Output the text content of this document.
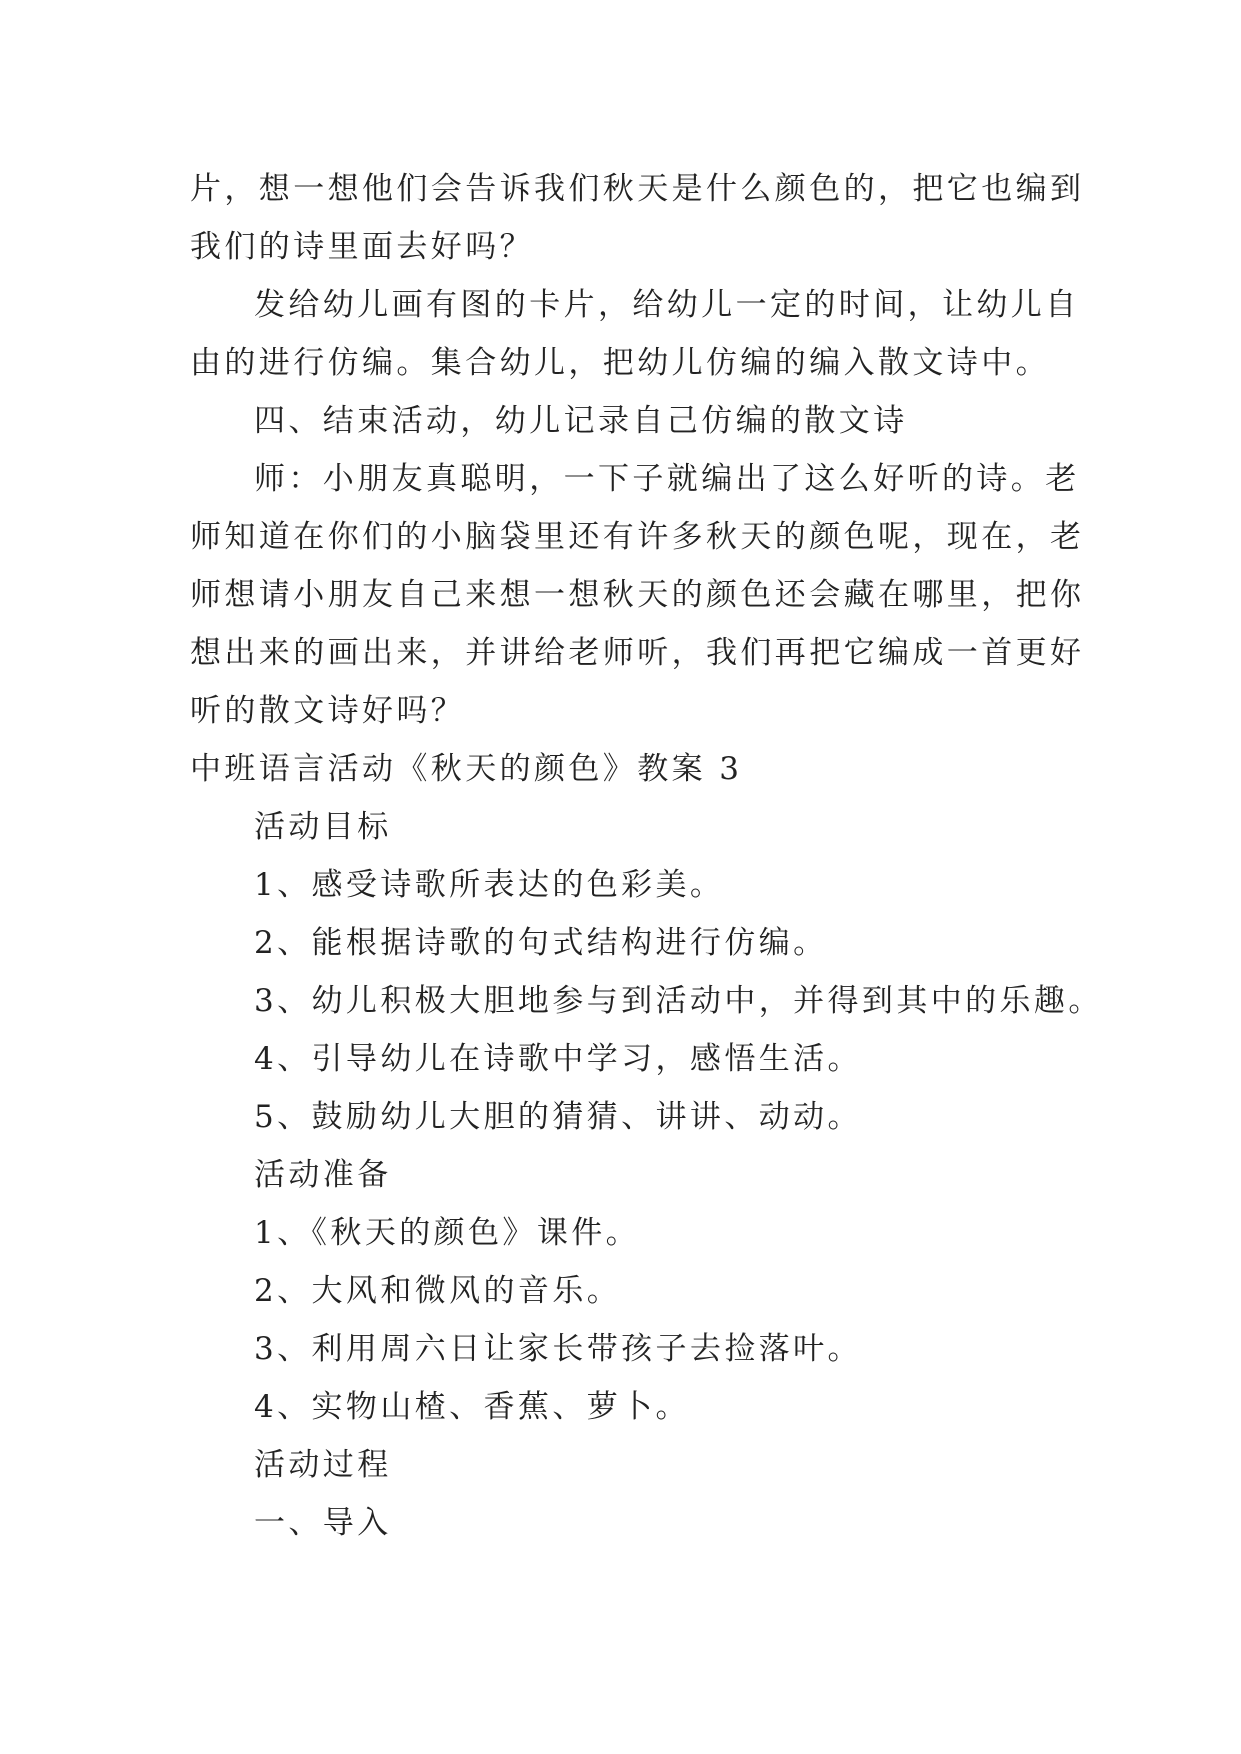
片，想一想他们会告诉我们秋天是什么颜色的，把它也编到
我们的诗里面去好吗？
发给幼儿画有图的卡片，给幼儿一定的时间，让幼儿自
由的进行仿编。集合幼儿，把幼儿仿编的编入散文诗中。
四、结束活动，幼儿记录自己仿编的散文诗
师：小朋友真聪明，一下子就编出了这么好听的诗。老
师知道在你们的小脑袋里还有许多秋天的颜色呢，现在，老
师想请小朋友自己来想一想秋天的颜色还会藏在哪里，把你
想出来的画出来，并讲给老师听，我们再把它编成一首更好
听的散文诗好吗？
中班语言活动《秋天的颜色》教案 3
活动目标
1、感受诗歌所表达的色彩美。
2、能根据诗歌的句式结构进行仿编。
3、幼儿积极大胆地参与到活动中，并得到其中的乐趣。
4、引导幼儿在诗歌中学习，感悟生活。
5、鼓励幼儿大胆的猜猜、讲讲、动动。
活动准备
1、《秋天的颜色》课件。
2、大风和微风的音乐。
3、利用周六日让家长带孩子去捡落叶。
4、实物山楂、香蕉、萝卜。
活动过程
一、导入
